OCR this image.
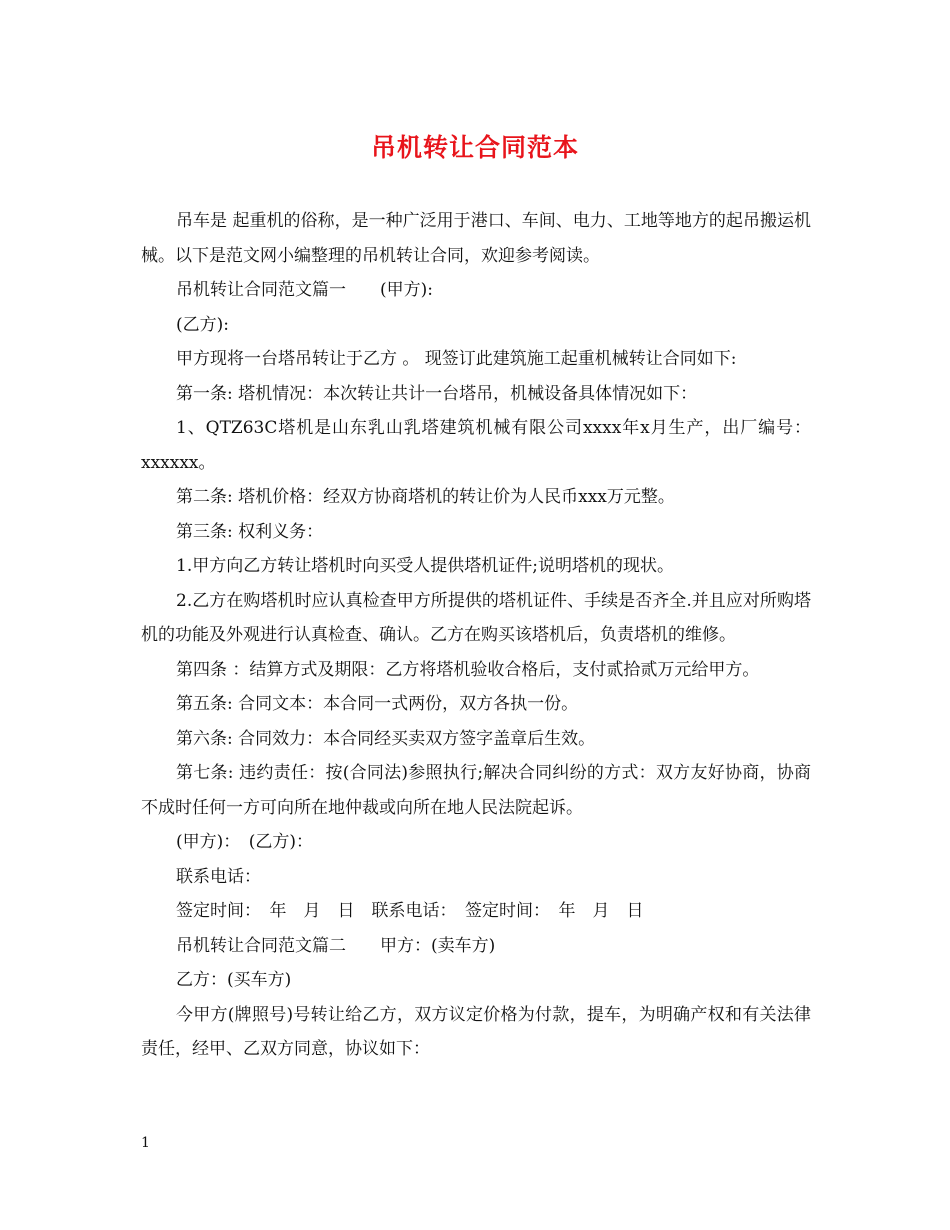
吊机转让合同范本

吊车是 起重机的俗称，是一种广泛用于港口、车间、电力、工地等地方的起吊搬运机械。以下是范文网小编整理的吊机转让合同，欢迎参考阅读。

吊机转让合同范文篇一　　(甲方):

(乙方):

甲方现将一台塔吊转让于乙方 。 现签订此建筑施工起重机械转让合同如下:

第一条: 塔机情况：本次转让共计一台塔吊，机械设备具体情况如下：

1、QTZ63C塔机是山东乳山乳塔建筑机械有限公司xxxx年x月生产，出厂编号：xxxxxx。

第二条: 塔机价格：经双方协商塔机的转让价为人民币xxx万元整。

第三条: 权利义务：

1.甲方向乙方转让塔机时向买受人提供塔机证件;说明塔机的现状。

2.乙方在购塔机时应认真检查甲方所提供的塔机证件、手续是否齐全.并且应对所购塔机的功能及外观进行认真检查、确认。乙方在购买该塔机后，负责塔机的维修。

第四条 ：结算方式及期限：乙方将塔机验收合格后，支付贰拾贰万元给甲方。

第五条: 合同文本：本合同一式两份，双方各执一份。

第六条: 合同效力：本合同经买卖双方签字盖章后生效。

第七条: 违约责任：按(合同法)参照执行;解决合同纠纷的方式：双方友好协商，协商不成时任何一方可向所在地仲裁或向所在地人民法院起诉。

(甲方)：　(乙方)：

联系电话：

签定时间：　年　月　日　联系电话：　签定时间：　年　月　日

吊机转让合同范文篇二　　甲方：(卖车方)

乙方：(买车方)

今甲方(牌照号)号转让给乙方，双方议定价格为付款，提车，为明确产权和有关法律责任，经甲、乙双方同意，协议如下：

1
